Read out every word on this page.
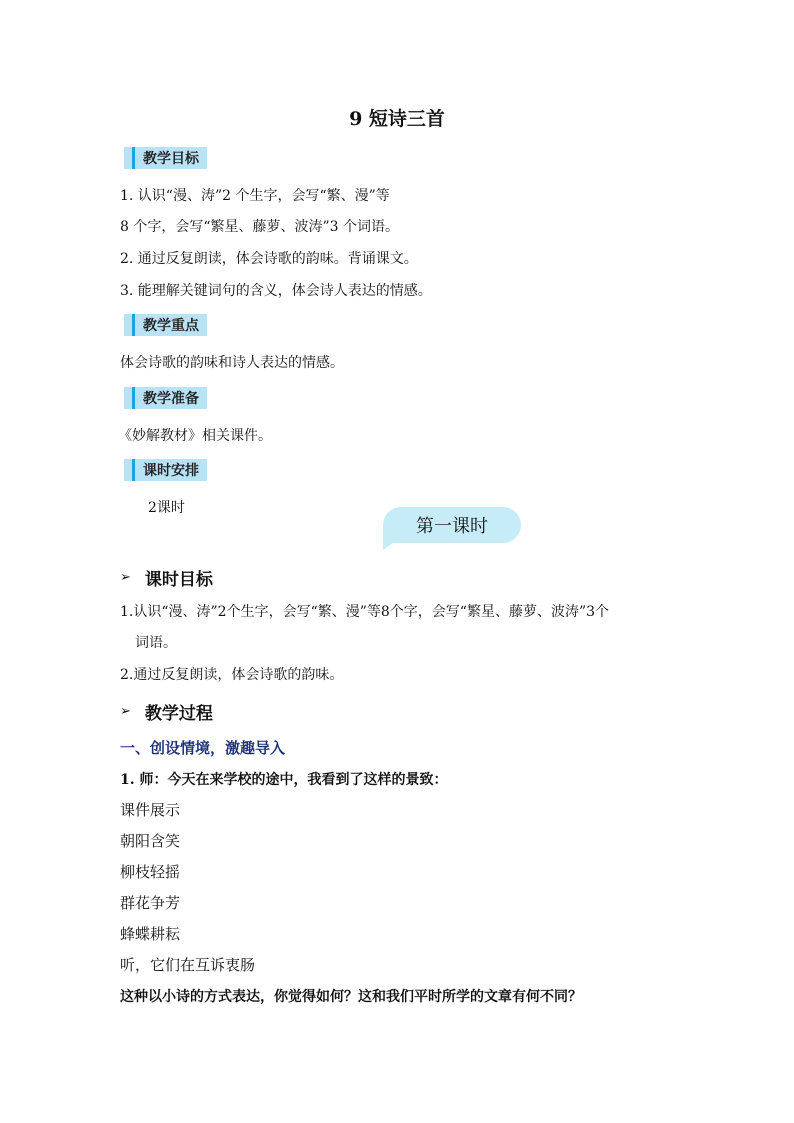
9 短诗三首
教学目标
1. 认识“漫、涛”2 个生字，会写“繁、漫”等
8 个字，会写“繁星、藤萝、波涛”3 个词语。
2. 通过反复朗读，体会诗歌的韵味。背诵课文。
3. 能理解关键词句的含义，体会诗人表达的情感。
教学重点
体会诗歌的韵味和诗人表达的情感。
教学准备
《妙解教材》相关课件。
课时安排
2课时
第一课时
➢ 课时目标
1.认识“漫、涛”2个生字，会写“繁、漫”等8个字，会写“繁星、藤萝、波涛”3个
词语。
2.通过反复朗读，体会诗歌的韵味。
➢ 教学过程
一、创设情境，激趣导入
1. 师：今天在来学校的途中，我看到了这样的景致：
课件展示
朝阳含笑
柳枝轻摇
群花争芳
蜂蝶耕耘
听，它们在互诉衷肠
这种以小诗的方式表达，你觉得如何？这和我们平时所学的文章有何不同？
